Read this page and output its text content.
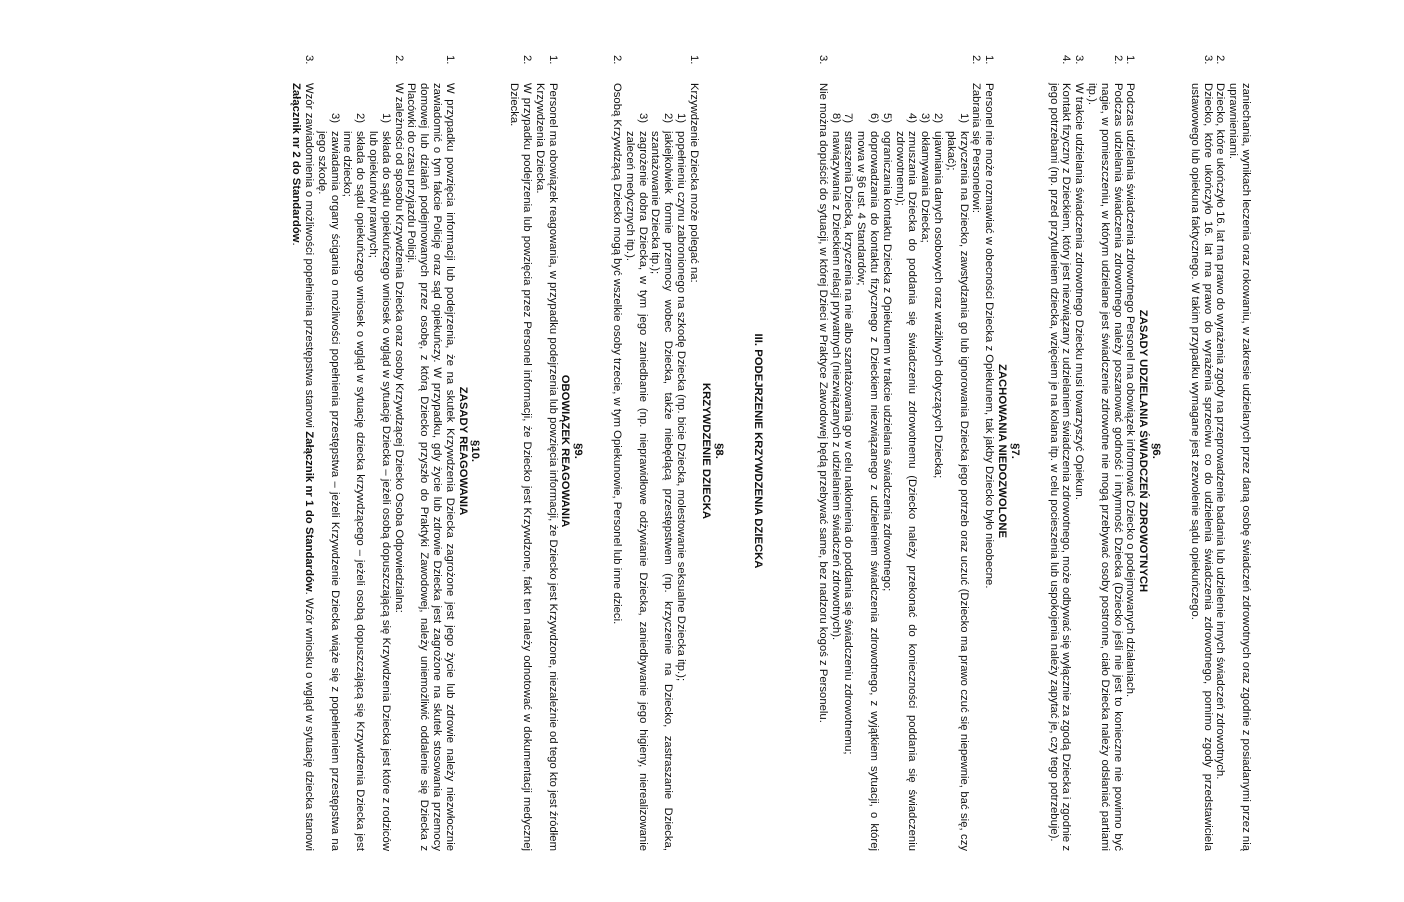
zaniechania, wynikach leczenia oraz rokowaniu, w zakresie udzielanych przez daną osobę świadczeń zdrowotnych oraz zgodnie z posiadanymi przez nią uprawnieniami.
2.
Dziecko, które ukończyło 16. lat ma prawo do wyrażenia zgody na przeprowadzenie badania lub udzielenie innych świadczeń zdrowotnych.
3.
Dziecko, które ukończyło 16. lat ma prawo do wyrażenia sprzeciwu co do udzielenia świadczenia zdrowotnego, pomimo zgody przedstawiciela ustawowego lub opiekuna faktycznego. W takim przypadku wymagane jest zezwolenie sądu opiekuńczego.
§6.
ZASADY UDZIELANIA ŚWIADCZEŃ ZDROWOTNYCH
1.
Podczas udzielania świadczenia zdrowotnego Personel ma obowiązek informować Dziecko o podejmowanych działaniach.
2.
Podczas udzielania świadczenia zdrowotnego należy poszanować godność i intymność Dziecka (Dziecko jeśli nie jest to konieczne nie powinno być nagie, w pomieszczeniu, w którym udzielane jest świadczenie zdrowotne nie mogą przebywać osoby postronne, ciało Dziecka należy odsłaniać partiami itp.).
3.
W trakcie udzielania świadczenia zdrowotnego Dziecku musi towarzyszyć Opiekun.
4.
Kontakt fizyczny z Dzieckiem, który jest niezwiązany z udzielaniem świadczenia zdrowotnego, może odbywać się wyłącznie za zgodą Dziecka i zgodnie z jego potrzebami (np. przed przytuleniem dziecka, wzięciem je na kolana itp. w celu pocieszenia lub uspokojenia należy zapytać je, czy tego potrzebuje).
§7.
ZACHOWANIA NIEDOZWOLONE
1.
Personel nie może rozmawiać w obecności Dziecka z Opiekunem, tak jakby Dziecko było nieobecne.
2.
Zabrania się Personelowi:
1)
krzyczenia na Dziecko, zawstydzania go lub ignorowania Dziecka jego potrzeb oraz uczuć (Dziecko ma prawo czuć się niepewnie, bać się, czy płakać);
2)
ujawniania danych osobowych oraz wrażliwych dotyczących Dziecka;
3)
okłamywania Dziecka;
4)
zmuszania Dziecka do poddania się świadczeniu zdrowotnemu (Dziecko należy przekonać do konieczności poddania się świadczeniu zdrowotnemu);
5)
ograniczania kontaktu Dziecka z Opiekunem w trakcie udzielania świadczenia zdrowotnego;
6)
doprowadzania do kontaktu fizycznego z Dzieckiem niezwiązanego z udzieleniem świadczenia zdrowotnego, z wyjątkiem sytuacji, o której mowa w §6 ust. 4 Standardów;
7)
straszenia Dziecka, krzyczenia na nie albo szantażowania go w celu nakłonienia do poddania się świadczeniu zdrowotnemu;
8)
nawiązywania z Dzieckiem relacji prywatnych (niezwiązanych z udzielaniem świadczeń zdrowotnych).
3.
Nie można dopuścić do sytuacji, w której Dzieci w Praktyce Zawodowej będą przebywać same, bez nadzoru kogoś z Personelu.
III. PODEJRZENIE KRZYWDZENIA DZIECKA
§8.
KRZYWDZENIE DZIECKA
1.
Krzywdzenie Dziecka może polegać na:
1)
popełnieniu czynu zabronionego na szkodę Dziecka (np. bicie Dziecka, molestowanie seksualne Dziecka itp.);
2)
jakiejkolwiek formie przemocy wobec Dziecka, także niebędącą przestępstwem (np. krzyczenie na Dziecko, zastraszanie Dziecka, szantażowanie Dziecka itp.);
3)
zagrożenie dobra Dziecka, w tym jego zaniedbanie (np. nieprawidłowe odżywianie Dziecka, zaniedbywanie jego higieny, nierealizowanie zaleceń medycznych itp.).
2.
Osobą Krzywdzącą Dziecko mogą być wszelkie osoby trzecie, w tym Opiekunowie, Personel lub inne dzieci.
§9.
OBOWIĄZEK REAGOWANIA
1.
Personel ma obowiązek reagowania, w przypadku podejrzenia lub powzięcia informacji, że Dziecko jest Krzywdzone, niezależnie od tego kto jest źródłem Krzywdzenia Dziecka.
2.
W przypadku podejrzenia lub powzięcia przez Personel informacji, że Dziecko jest Krzywdzone, fakt ten należy odnotować w dokumentacji medycznej Dziecka.
§10.
ZASADY REAGOWANIA
1.
W przypadku powzięcia informacji lub podejrzenia, że na skutek Krzywdzenia Dziecka zagrożone jest jego życie lub zdrowie należy niezwłocznie zawiadomić o tym fakcie Policję oraz sąd opiekuńczy. W przypadku, gdy życie lub zdrowie Dziecka jest zagrożone na skutek stosowania przemocy domowej lub działań podejmowanych przez osobę, z którą Dziecko przyszło do Praktyki Zawodowej, należy uniemożliwić oddalenie się Dziecka z Placówki do czasu przyjazdu Policji.
2.
W zależności od sposobu Krzywdzenia Dziecka oraz osoby Krzywdzącej Dziecko Osoba Odpowiedzialna:
1)
składa do sądu opiekuńczego wniosek o wgląd w sytuację Dziecka – jeżeli osobą dopuszczającą się Krzywdzenia Dziecka jest które z rodziców lub opiekunów prawnych;
2)
składa do sądu opiekuńczego wniosek o wgląd w sytuację dziecka krzywdzącego – jeżeli osobą dopuszczającą się Krzywdzenia Dziecka jest inne dziecko;
3)
zawiadamia organy ścigania o możliwości popełnienia przestępstwa – jeżeli Krzywdzenie Dziecka wiąże się z popełnieniem przestępstwa na jego szkodę.
3.
Wzór zawiadomienia o możliwości popełnienia przestępstwa stanowi Załącznik nr 1 do Standardów. Wzór wniosku o wgląd w sytuację dziecka stanowi Załącznik nr 2 do Standardów.
